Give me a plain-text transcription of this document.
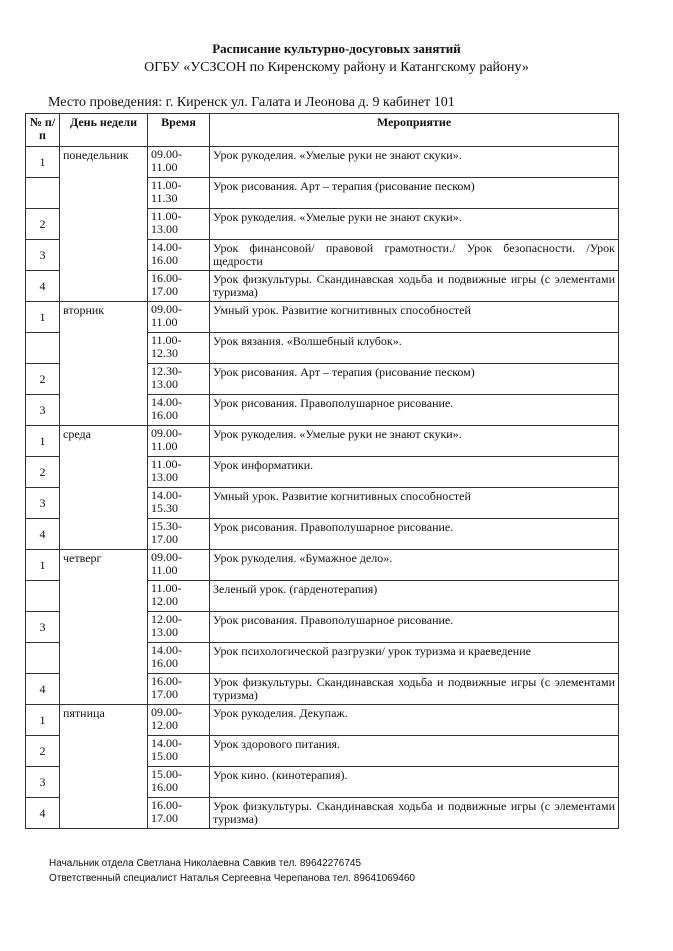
Расписание культурно-досуговых занятий
ОГБУ «УСЗСОН по Киренскому району и Катангскому району»
Место проведения: г. Киренск ул. Галата и Леонова д. 9 кабинет 101
№ п/п	День недели	Время	Мероприятие
1	понедельник	09.00-11.00	Урок рукоделия. «Умелые руки не знают скуки».
		11.00-11.30	Урок рисования. Арт – терапия (рисование песком)
2		11.00-13.00	Урок рукоделия. «Умелые руки не знают скуки».
3		14.00-16.00	Урок финансовой/ правовой грамотности./ Урок безопасности. /Урок щедрости
4		16.00-17.00	Урок физкультуры. Скандинавская ходьба и подвижные игры (с элементами туризма)
1	вторник	09.00-11.00	Умный урок. Развитие когнитивных способностей
		11.00-12.30	Урок вязания. «Волшебный клубок».
2		12.30-13.00	Урок рисования. Арт – терапия (рисование песком)
3		14.00-16.00	Урок рисования. Правополушарное рисование.
1	среда	09.00-11.00	Урок рукоделия. «Умелые руки не знают скуки».
2		11.00-13.00	Урок информатики.
3		14.00-15.30	Умный урок. Развитие когнитивных способностей
4		15.30-17.00	Урок рисования. Правополушарное рисование.
1	четверг	09.00-11.00	Урок рукоделия. «Бумажное дело».
		11.00-12.00	Зеленый урок. (гарденотерапия)
3		12.00-13.00	Урок рисования. Правополушарное рисование.
		14.00-16.00	Урок психологической разгрузки/ урок туризма и краеведение
4		16.00-17.00	Урок физкультуры. Скандинавская ходьба и подвижные игры (с элементами туризма)
1	пятница	09.00-12.00	Урок рукоделия. Декупаж.
2		14.00-15.00	Урок здорового питания.
3		15.00-16.00	Урок кино. (кинотерапия).
4		16.00-17.00	Урок физкультуры. Скандинавская ходьба и подвижные игры (с элементами туризма)
Начальник отдела Светлана Николаевна Савкив тел. 89642276745
Ответственный специалист Наталья Сергеевна Черепанова тел. 89641069460
